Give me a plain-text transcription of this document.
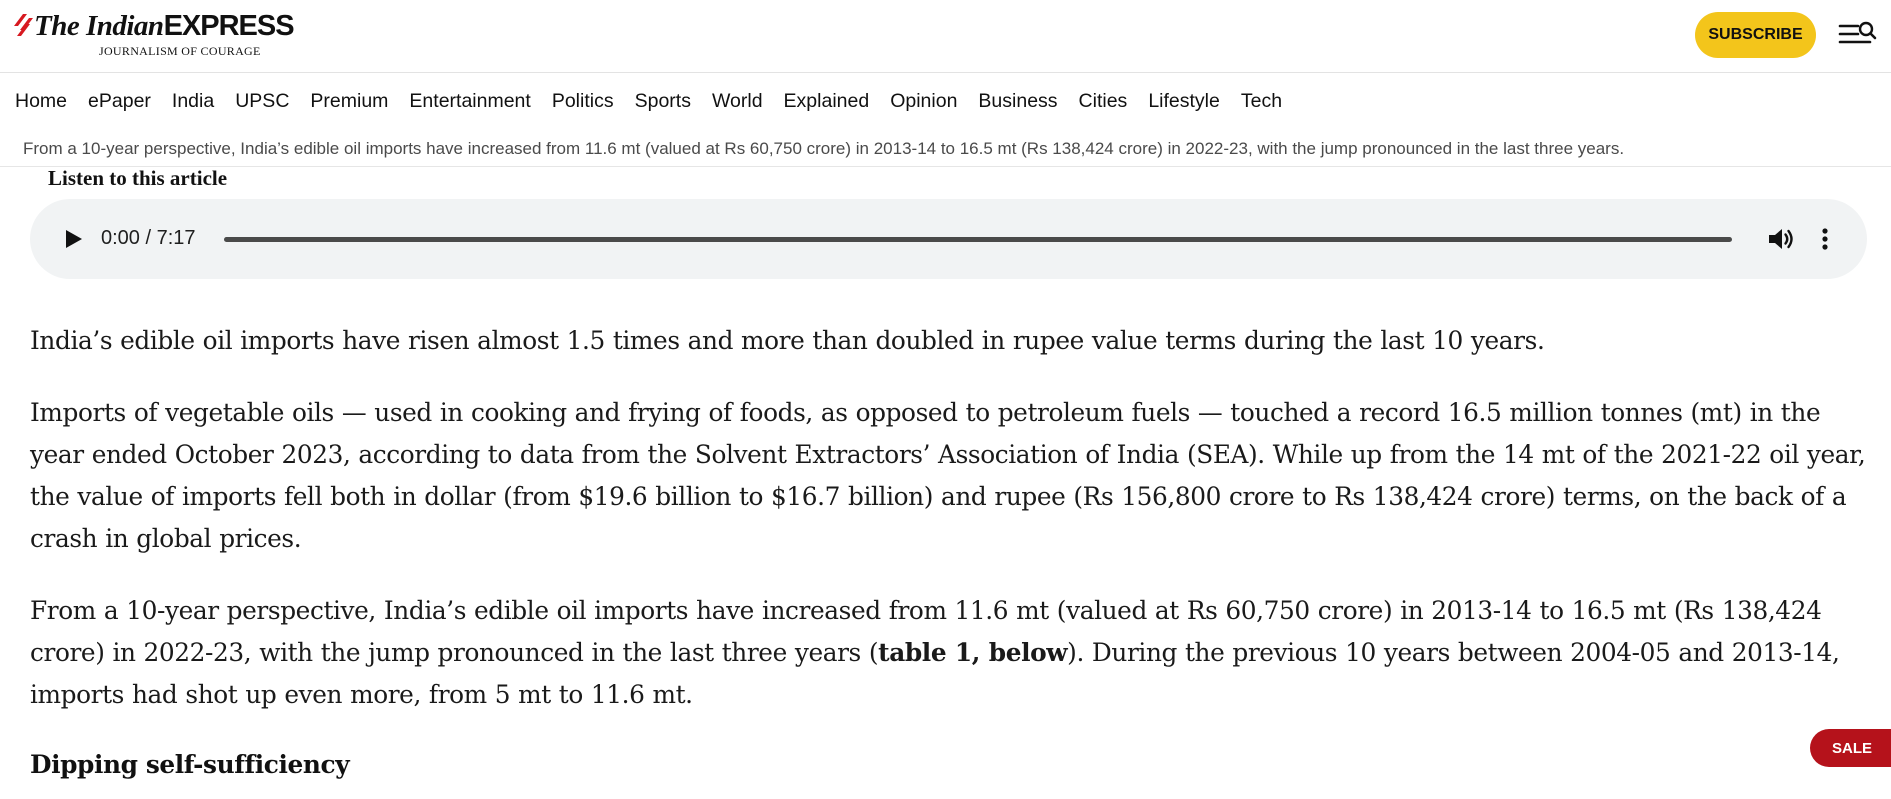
The IndianEXPRESS
JOURNALISM OF COURAGE
SUBSCRIBE
Home ePaper India UPSC Premium Entertainment Politics Sports World Explained Opinion Business Cities Lifestyle Tech
From a 10-year perspective, India’s edible oil imports have increased from 11.6 mt (valued at Rs 60,750 crore) in 2013-14 to 16.5 mt (Rs 138,424 crore) in 2022-23, with the jump pronounced in the last three years.
Listen to this article
0:00 / 7:17

India’s edible oil imports have risen almost 1.5 times and more than doubled in rupee value terms during the last 10 years.

Imports of vegetable oils — used in cooking and frying of foods, as opposed to petroleum fuels — touched a record 16.5 million tonnes (mt) in the year ended October 2023, according to data from the Solvent Extractors’ Association of India (SEA). While up from the 14 mt of the 2021-22 oil year, the value of imports fell both in dollar (from $19.6 billion to $16.7 billion) and rupee (Rs 156,800 crore to Rs 138,424 crore) terms, on the back of a crash in global prices.

From a 10-year perspective, India’s edible oil imports have increased from 11.6 mt (valued at Rs 60,750 crore) in 2013-14 to 16.5 mt (Rs 138,424 crore) in 2022-23, with the jump pronounced in the last three years (table 1, below). During the previous 10 years between 2004-05 and 2013-14, imports had shot up even more, from 5 mt to 11.6 mt.

Dipping self-sufficiency
SALE
